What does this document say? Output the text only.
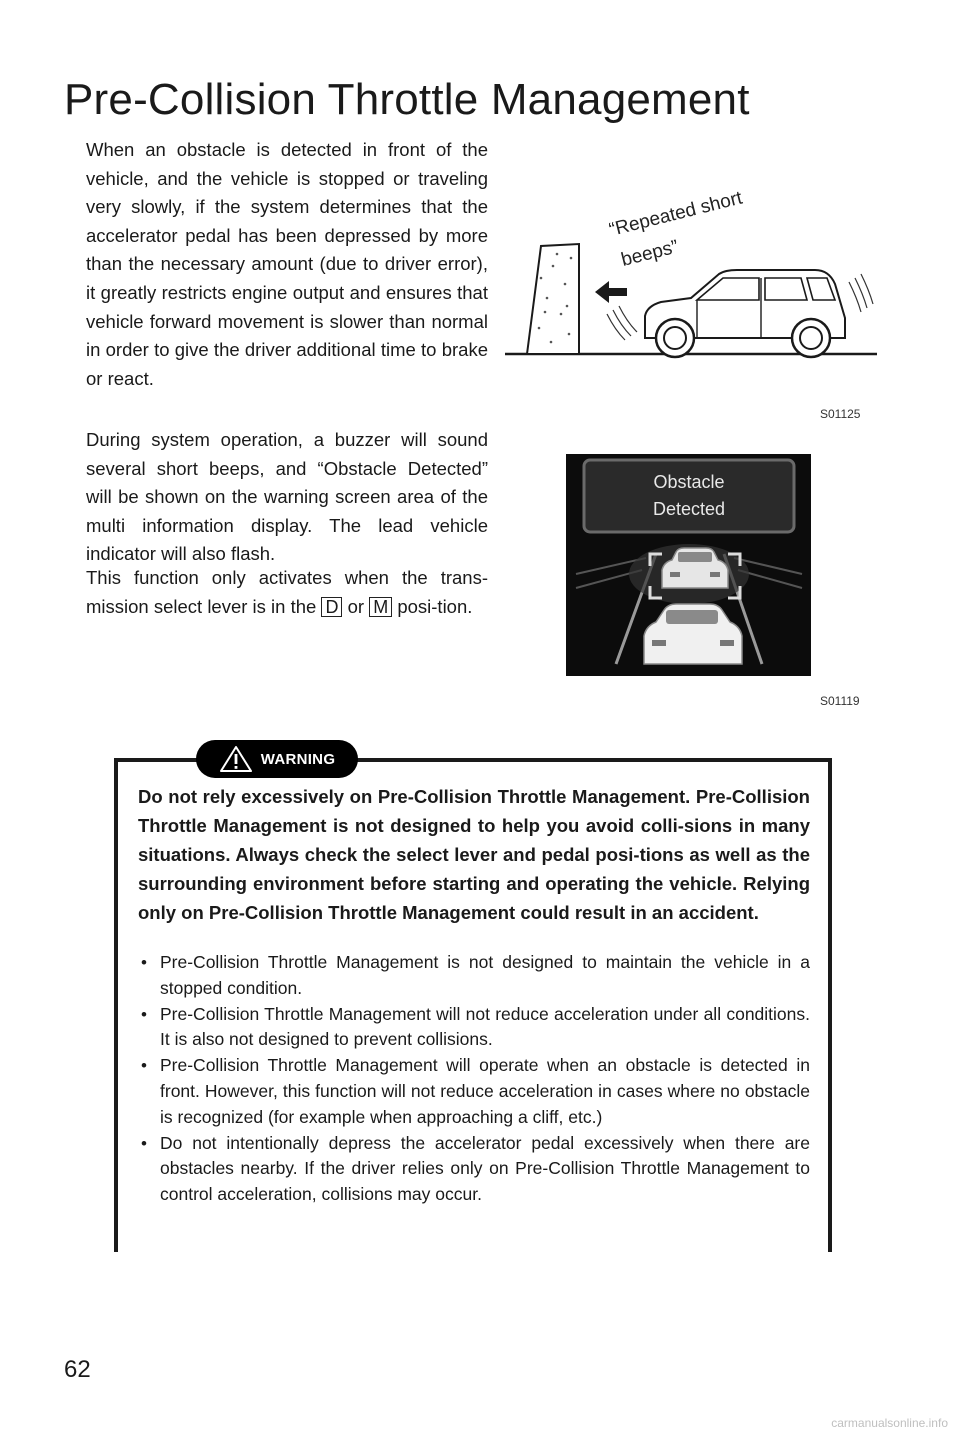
Pre-Collision Throttle Management

When an obstacle is detected in front of the vehicle, and the vehicle is stopped or traveling very slowly, if the system determines that the accelerator pedal has been depressed by more than the necessary amount (due to driver error), it greatly restricts engine output and ensures that vehicle forward movement is slower than normal in order to give the driver additional time to brake or react.

During system operation, a buzzer will sound several short beeps, and “Obstacle Detected” will be shown on the warning screen area of the multi information display. The lead vehicle indicator will also flash.

This function only activates when the trans-mission select lever is in the D or M posi-tion.

“Repeated short
beeps”
S01125
Obstacle
Detected
S01119
WARNING

Do not rely excessively on Pre-Collision Throttle Management. Pre-Collision Throttle Management is not designed to help you avoid colli-sions in many situations. Always check the select lever and pedal posi-tions as well as the surrounding environment before starting and operating the vehicle. Relying only on Pre-Collision Throttle Management could result in an accident.

• Pre-Collision Throttle Management is not designed to maintain the vehicle in a stopped condition.
• Pre-Collision Throttle Management will not reduce acceleration under all conditions. It is also not designed to prevent collisions.
• Pre-Collision Throttle Management will operate when an obstacle is detected in front. However, this function will not reduce acceleration in cases where no obstacle is recognized (for example when approaching a cliff, etc.)
• Do not intentionally depress the accelerator pedal excessively when there are obstacles nearby. If the driver relies only on Pre-Collision Throttle Management to control acceleration, collisions may occur.
62
carmanualsonline.info
